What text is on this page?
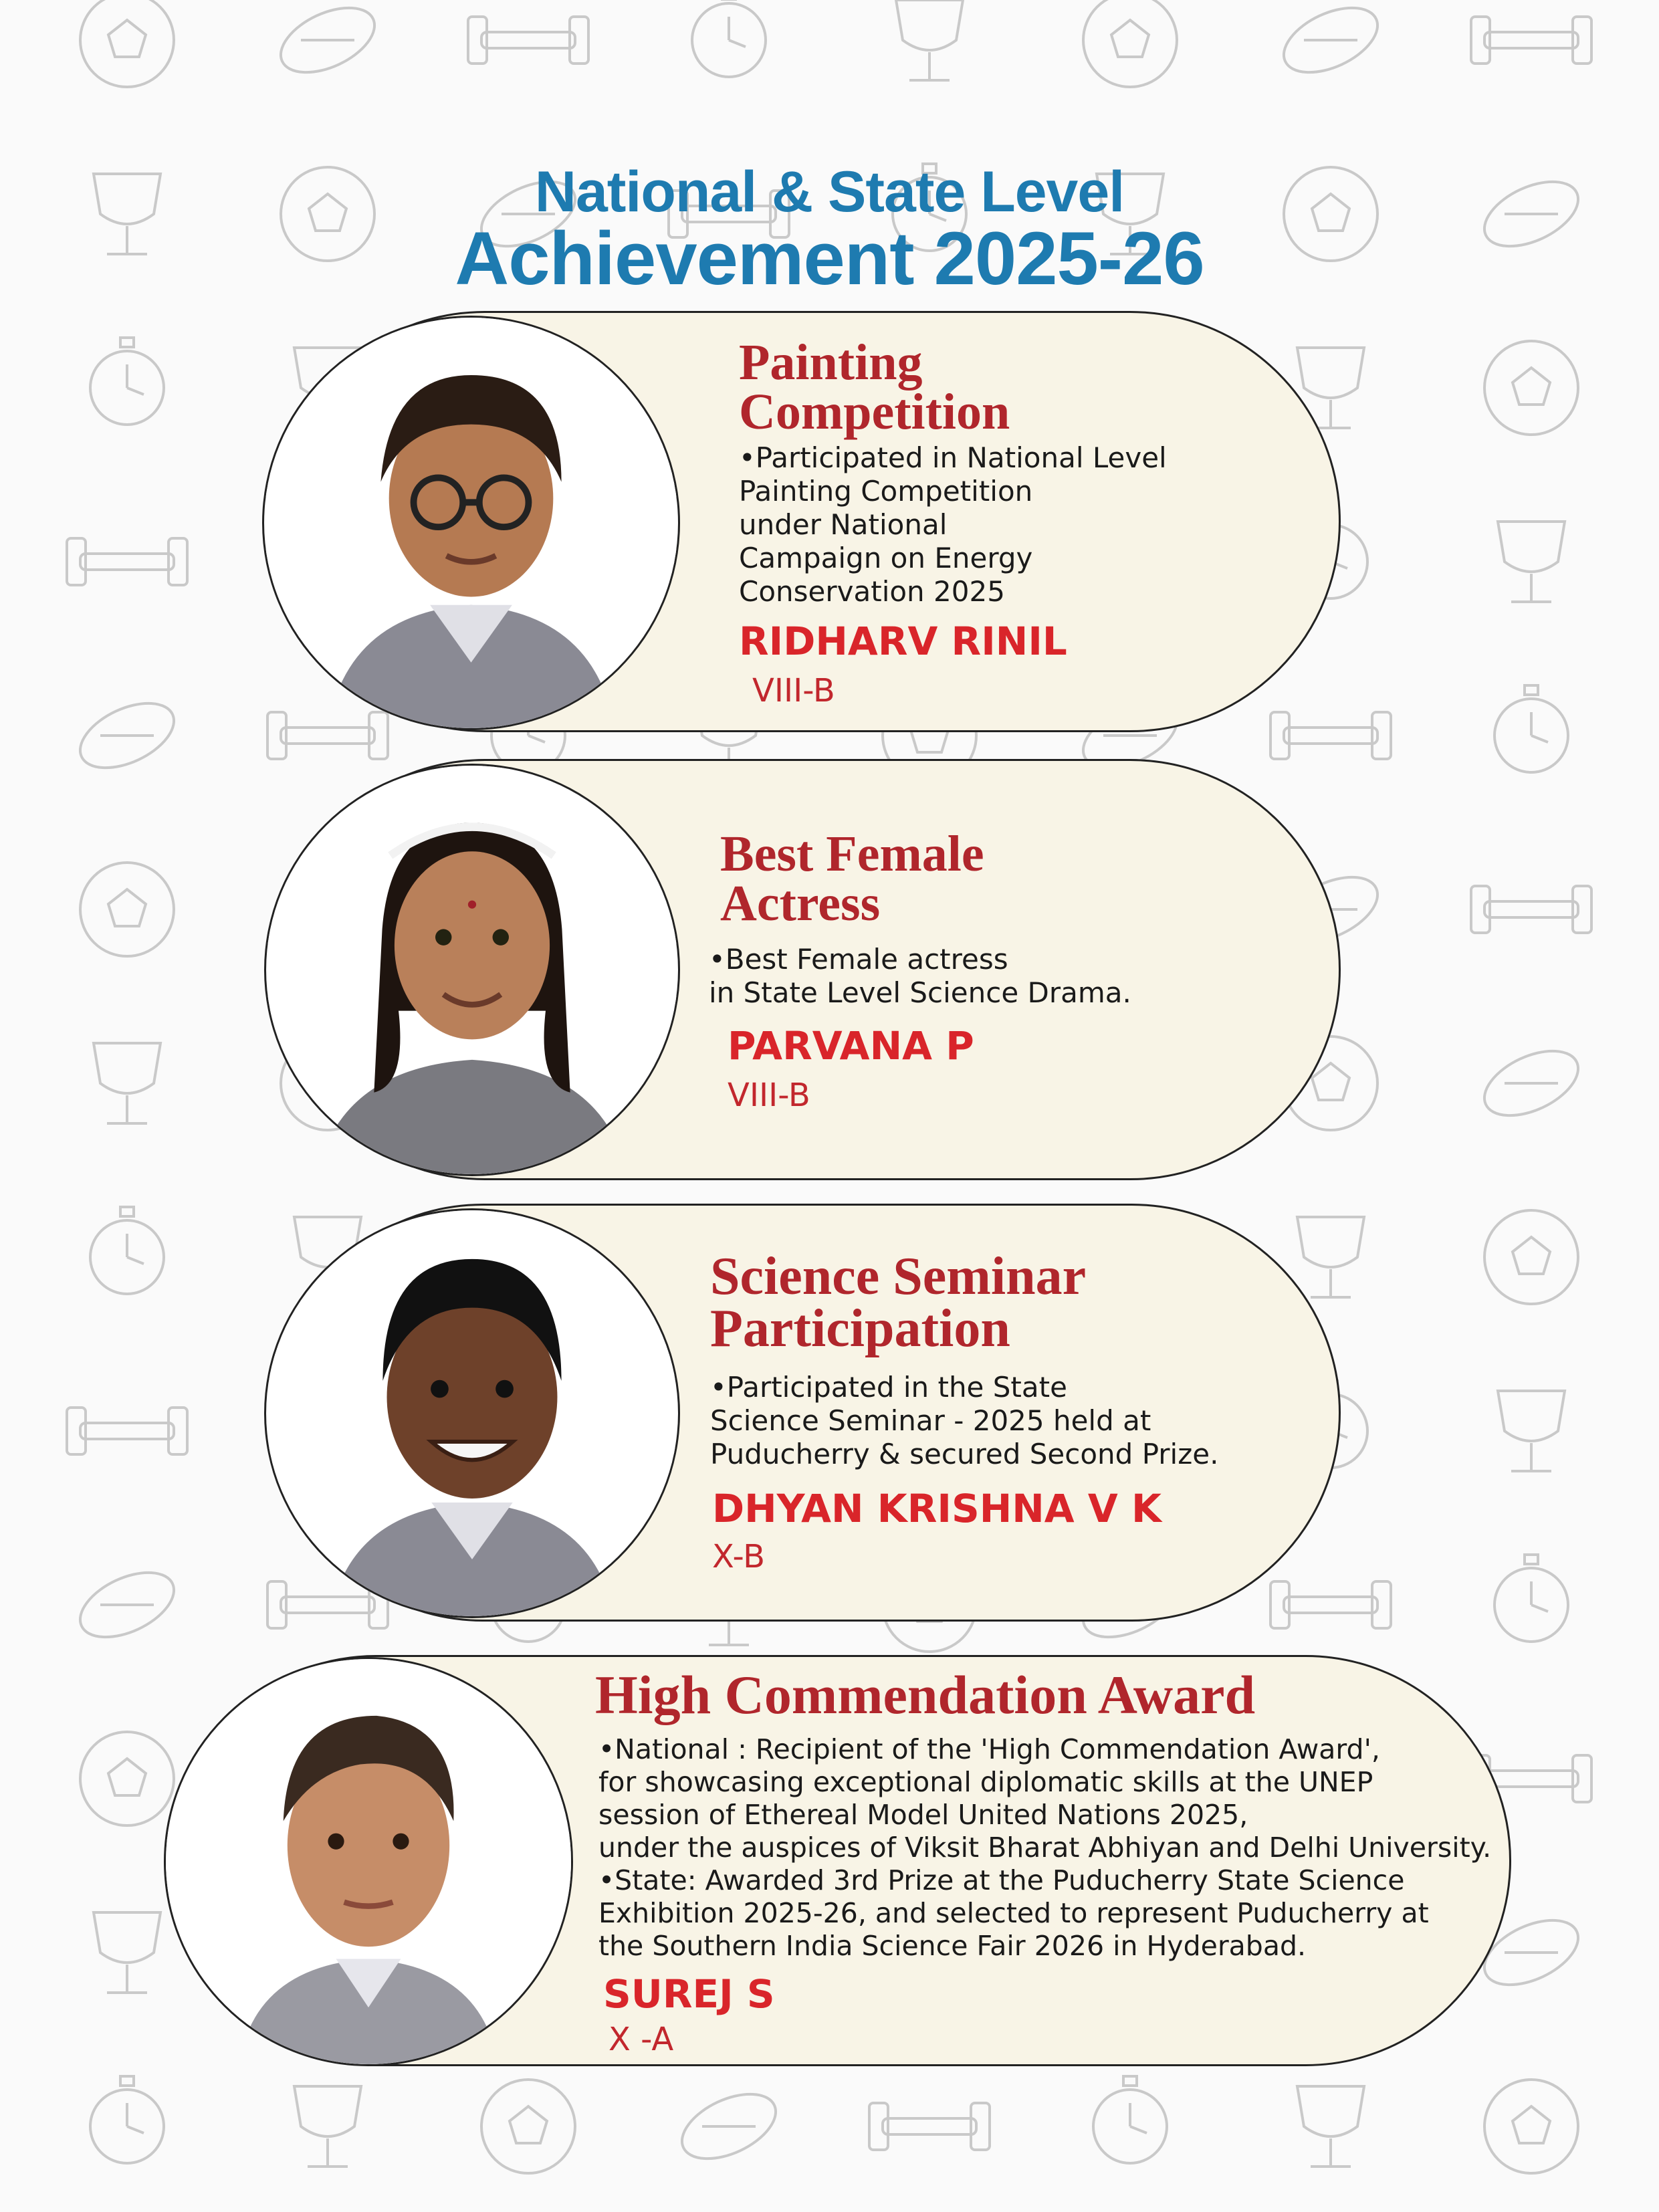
National & State Level
Achievement 2025-26
Painting
Competition
•Participated in National Level
Painting Competition
under National
Campaign on Energy
Conservation 2025
RIDHARV RINIL
VIII-B
Best Female
Actress
•Best Female actress
in State Level Science Drama.
PARVANA P
VIII-B
Science Seminar
Participation
•Participated in the State
Science Seminar - 2025 held at
Puducherry & secured Second Prize.
DHYAN KRISHNA V K
X-B
High Commendation Award
•National : Recipient of the 'High Commendation Award',
for showcasing exceptional diplomatic skills at the UNEP
session of Ethereal Model United Nations 2025,
under the auspices of Viksit Bharat Abhiyan and Delhi University.
•State: Awarded 3rd Prize at the Puducherry State Science
Exhibition 2025-26, and selected to represent Puducherry at
the Southern India Science Fair 2026 in Hyderabad.
SUREJ S
X -A
